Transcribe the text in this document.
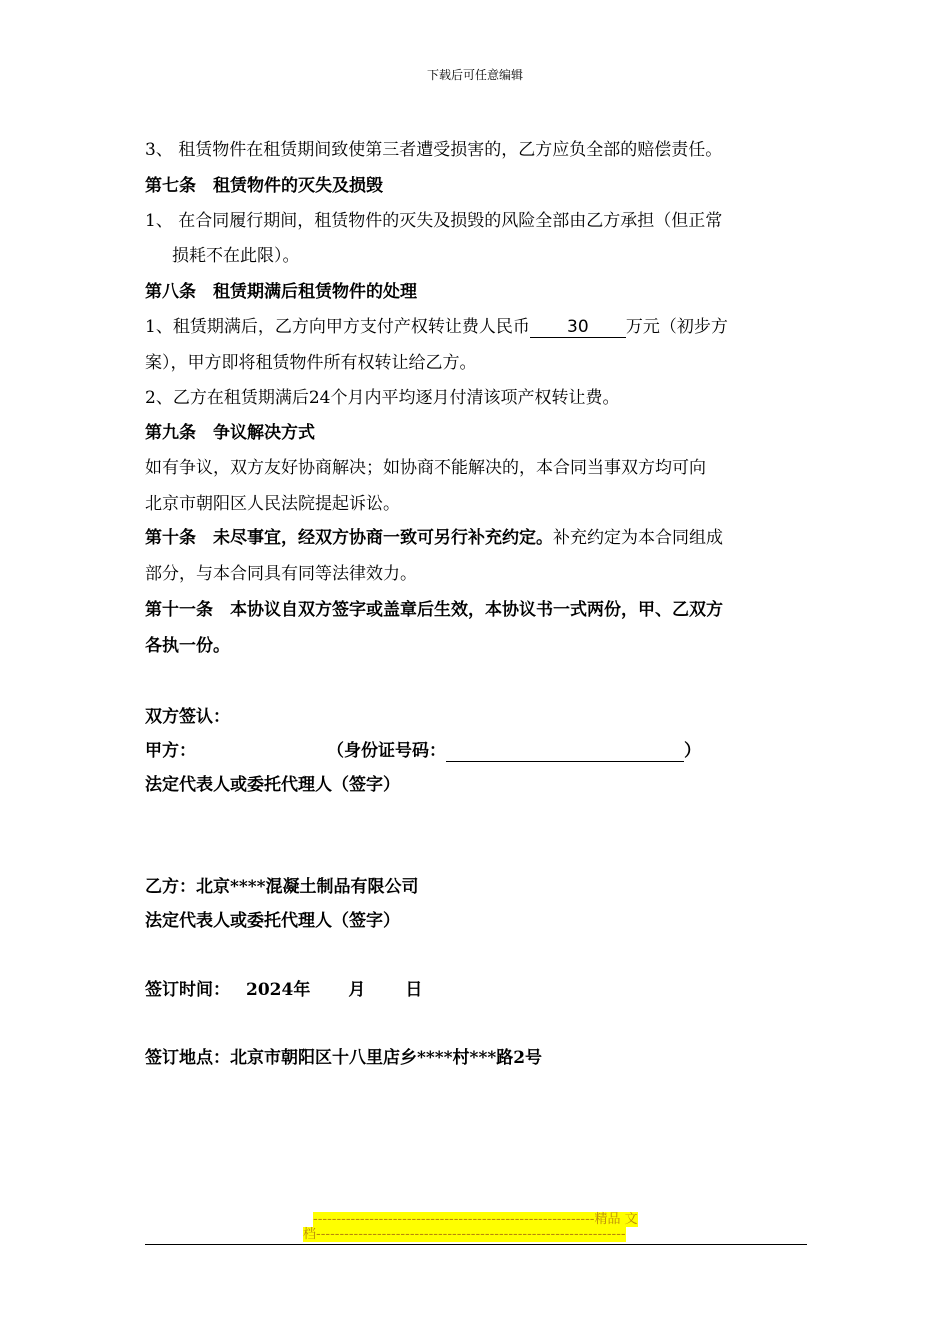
下载后可任意编辑
3、 租赁物件在租赁期间致使第三者遭受损害的，乙方应负全部的赔偿责任。
第七条　租赁物件的灭失及损毁
1、 在合同履行期间，租赁物件的灭失及损毁的风险全部由乙方承担（但正常
损耗不在此限）。
第八条　租赁期满后租赁物件的处理
1、租赁期满后，乙方向甲方支付产权转让费人民币 30 万元（初步方
案），甲方即将租赁物件所有权转让给乙方。
2、乙方在租赁期满后24个月内平均逐月付清该项产权转让费。
第九条　争议解决方式
如有争议，双方友好协商解决；如协商不能解决的，本合同当事双方均可向
北京市朝阳区人民法院提起诉讼。
第十条　未尽事宜，经双方协商一致可另行补充约定。补充约定为本合同组成
部分，与本合同具有同等法律效力。
第十一条　本协议自双方签字或盖章后生效，本协议书一式两份，甲、乙双方
各执一份。
双方签认：
甲方：	（身份证号码：	）
法定代表人或委托代理人（签字）
乙方：北京****混凝土制品有限公司
法定代表人或委托代理人（签字）
签订时间： 2024年 月 日
签订地点：北京市朝阳区十八里店乡****村***路2号
------------------------------------------------------------精品 文
档------------------------------------------------------------------
